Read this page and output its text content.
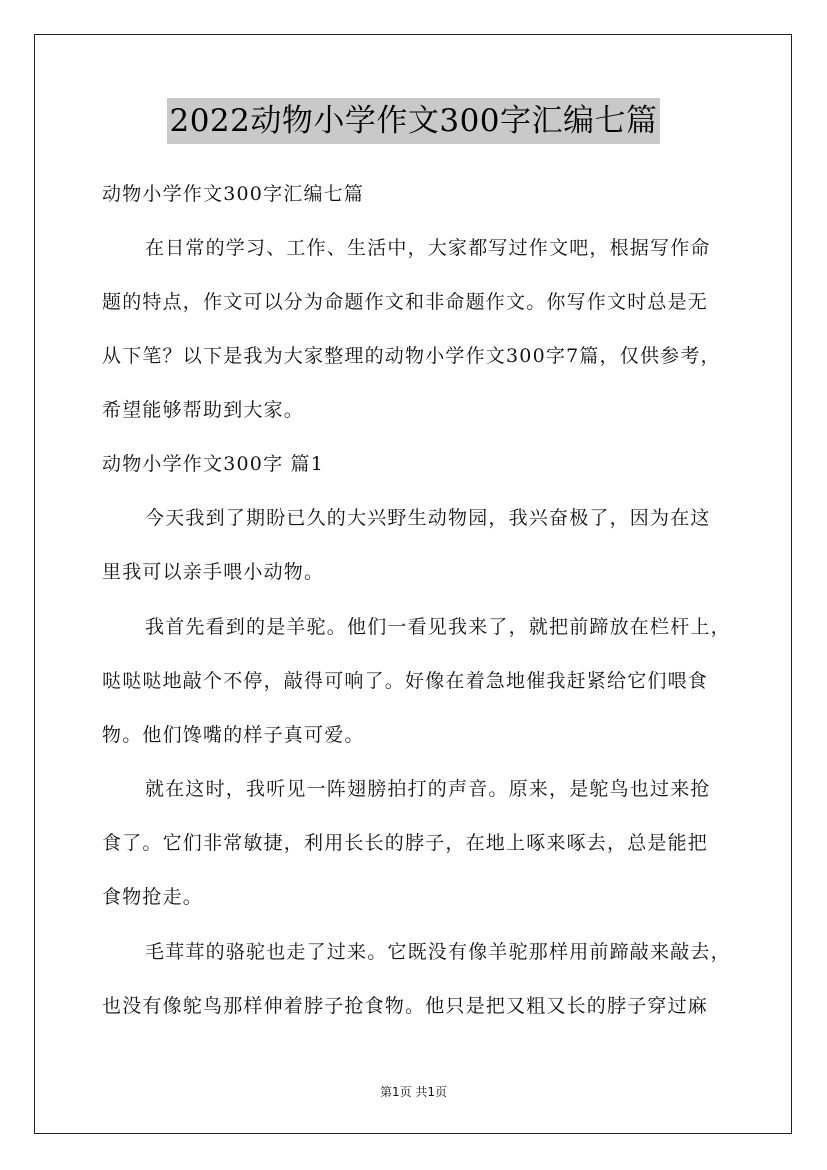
2022动物小学作文300字汇编七篇
动物小学作文300字汇编七篇
在日常的学习、工作、生活中，大家都写过作文吧，根据写作命
题的特点，作文可以分为命题作文和非命题作文。你写作文时总是无
从下笔？以下是我为大家整理的动物小学作文300字7篇，仅供参考，
希望能够帮助到大家。
动物小学作文300字 篇1
今天我到了期盼已久的大兴野生动物园，我兴奋极了，因为在这
里我可以亲手喂小动物。
我首先看到的是羊驼。他们一看见我来了，就把前蹄放在栏杆上，
哒哒哒地敲个不停，敲得可响了。好像在着急地催我赶紧给它们喂食
物。他们馋嘴的样子真可爱。
就在这时，我听见一阵翅膀拍打的声音。原来，是鸵鸟也过来抢
食了。它们非常敏捷，利用长长的脖子，在地上啄来啄去，总是能把
食物抢走。
毛茸茸的骆驼也走了过来。它既没有像羊驼那样用前蹄敲来敲去，
也没有像鸵鸟那样伸着脖子抢食物。他只是把又粗又长的脖子穿过麻
第1页 共1页
